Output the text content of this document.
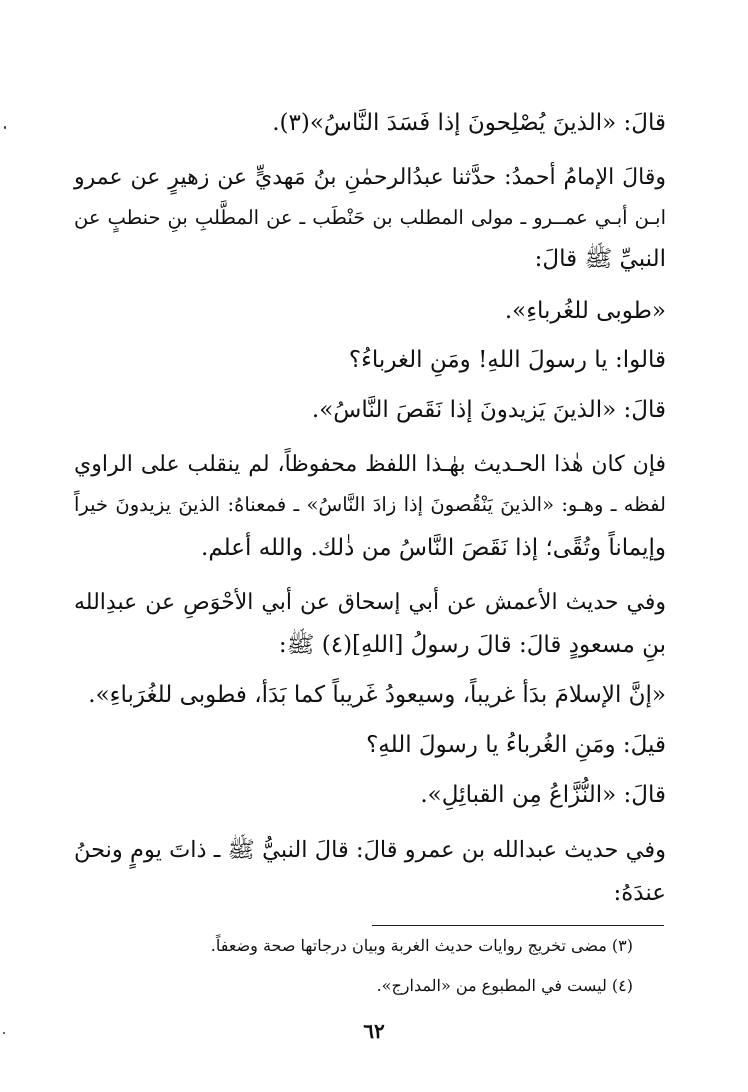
قالَ: «الذينَ يُصْلِحونَ إذا فَسَدَ النَّاسُ»(٣).
وقالَ الإمامُ أحمدُ: حدَّثنا عبدُالرحمٰنِ بنُ مَهديٍّ عن زهيرٍ عن عمرو
ابـن أبـي عمــرو ـ مولى المطلب بن حَنْطَب ـ عن المطَّلبِ بنِ حنطبٍ عن
النبيِّ ﷺ قالَ:
«طوبى للغُرباءِ».
قالوا: يا رسولَ اللهِ! ومَنِ الغرباءُ؟
قالَ: «الذينَ يَزيدونَ إذا نَقَصَ النَّاسُ».
فإن كان هٰذا الحـديث بهٰـذا اللفظ محفوظاً، لم ينقلب على الراوي
لفظه ـ وهـو: «الذينَ يَنْقُصونَ إذا زادَ النَّاسُ» ـ فمعناهُ: الذينَ يزيدونَ خيراً
وإيماناً وتُقًى؛ إذا نَقَصَ النَّاسُ من ذٰلك. والله أعلم.
وفي حديث الأعمش عن أبي إسحاق عن أبي الأحْوَصِ عن عبدِالله
بنِ مسعودٍ قالَ: قالَ رسولُ [اللهِ](٤) ﷺ:
«إنَّ الإسلامَ بدَأ غريباً، وسيعودُ غَريباً كما بَدَأ، فطوبى للغُرَباءِ».
قيلَ: ومَنِ الغُرباءُ يا رسولَ اللهِ؟
قالَ: «النُّزَّاعُ مِن القبائِلِ».
وفي حديث عبدالله بن عمرو قالَ: قالَ النبيُّ ﷺ ـ ذاتَ يومٍ ونحنُ
عندَهُ:
(٣) مضى تخريج روايات حديث الغربة وبيان درجاتها صحة وضعفاً.
(٤) ليست في المطبوع من «المدارج».
٦٢
